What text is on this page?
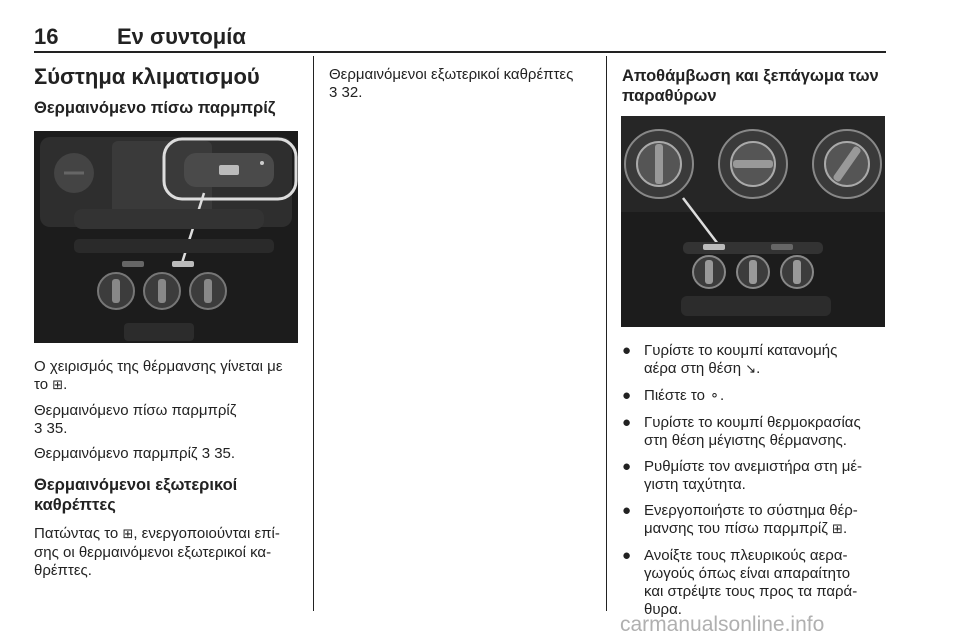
16	Εν συντομία
Σύστημα κλιματισμού
Θερμαινόμενο πίσω παρμπρίζ
Ο χειρισμός της θέρμανσης γίνεται με
το ⊞.
Θερμαινόμενο πίσω παρμπρίζ
3 35.
Θερμαινόμενο παρμπρίζ 3 35.
Θερμαινόμενοι εξωτερικοί
καθρέπτες
Πατώντας το ⊞, ενεργοποιούνται επί-
σης οι θερμαινόμενοι εξωτερικοί κα-
θρέπτες.
Θερμαινόμενοι εξωτερικοί καθρέπτες
3 32.
Αποθάμβωση και ξεπάγωμα των
παραθύρων
● Γυρίστε το κουμπί κατανομής
αέρα στη θέση ↘.
● Πιέστε το ⚬.
● Γυρίστε το κουμπί θερμοκρασίας
στη θέση μέγιστης θέρμανσης.
● Ρυθμίστε τον ανεμιστήρα στη μέ-
γιστη ταχύτητα.
● Ενεργοποιήστε το σύστημα θέρ-
μανσης του πίσω παρμπρίζ ⊞.
● Ανοίξτε τους πλευρικούς αερα-
γωγούς όπως είναι απαραίτητο
και στρέψτε τους προς τα παρά-
θυρα.
carmanualsonline.info
